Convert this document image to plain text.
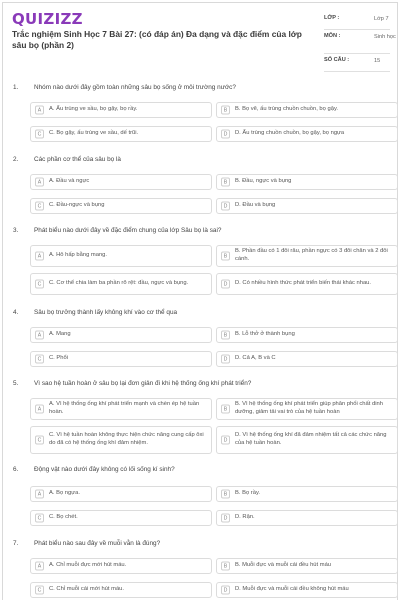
QUIZIZZ
Trắc nghiệm Sinh Học 7 Bài 27: (có đáp án) Đa dạng và đặc điểm của lớp sâu bọ (phần 2)
LỚP :	Lớp 7
MÔN :	Sinh học
SỐ CÂU :	15
1. Nhóm nào dưới đây gồm toàn những sâu bọ sống ở môi trường nước?
A	A. Ấu trùng ve sầu, bọ gậy, bọ rầy.	B	B. Bọ vẽ, ấu trùng chuồn chuồn, bọ gậy.
C	C. Bọ gậy, ấu trùng ve sầu, dế trũi.	D	D. Ấu trùng chuồn chuồn, bọ gậy, bọ ngựa
2. Các phần cơ thể của sâu bọ là
A	A. Đầu và ngực	B	B. Đầu, ngực và bụng
C	C. Đầu-ngực và bụng	D	D. Đầu và bụng
3. Phát biểu nào dưới đây về đặc điểm chung của lớp Sâu bọ là sai?
A	A. Hô hấp bằng mang.	B
B. Phần đầu có 1 đôi râu, phần ngực có 3 đôi chân và 2 đôi cánh.
C	C. Cơ thể chia làm ba phần rõ rệt: đầu, ngực và bụng.	D	D. Có nhiều hình thức phát triển biến thái khác nhau.
4. Sâu bọ trưởng thành lấy không khí vào cơ thể qua
A	A. Mang	B	B. Lỗ thở ở thành bụng
C	C. Phổi	D	D. Cả A, B và C
5. Vì sao hệ tuần hoàn ở sâu bọ lại đơn giản đi khi hệ thống ống khí phát triển?
A
A. Vì hệ thống ống khí phát triển mạnh và chèn ép hệ tuần hoàn.	B
B. Vì hệ thống ống khí phát triển giúp phân phối chất dinh dưỡng, giảm tải vai trò của hệ tuần hoàn
C
C. Vì hệ tuần hoàn không thực hiện chức năng cung cấp ôxi do đã có hệ thống ống khí đảm nhiệm.	D
D. Vì hệ thống ống khí đã đảm nhiệm tất cả các chức năng của hệ tuần hoàn.
6. Động vật nào dưới đây không có lối sống kí sinh?
A	A. Bọ ngựa.	B	B. Bọ rầy.
C	C. Bọ chét.	D	D. Rận.
7. Phát biểu nào sau đây về muỗi vằn là đúng?
A	A. Chỉ muỗi đực mới hút máu.	B	B. Muỗi đực và muỗi cái đều hút máu
C	C. Chỉ muỗi cái mới hút máu.	D	D. Muỗi đực và muỗi cái đều không hút máu
